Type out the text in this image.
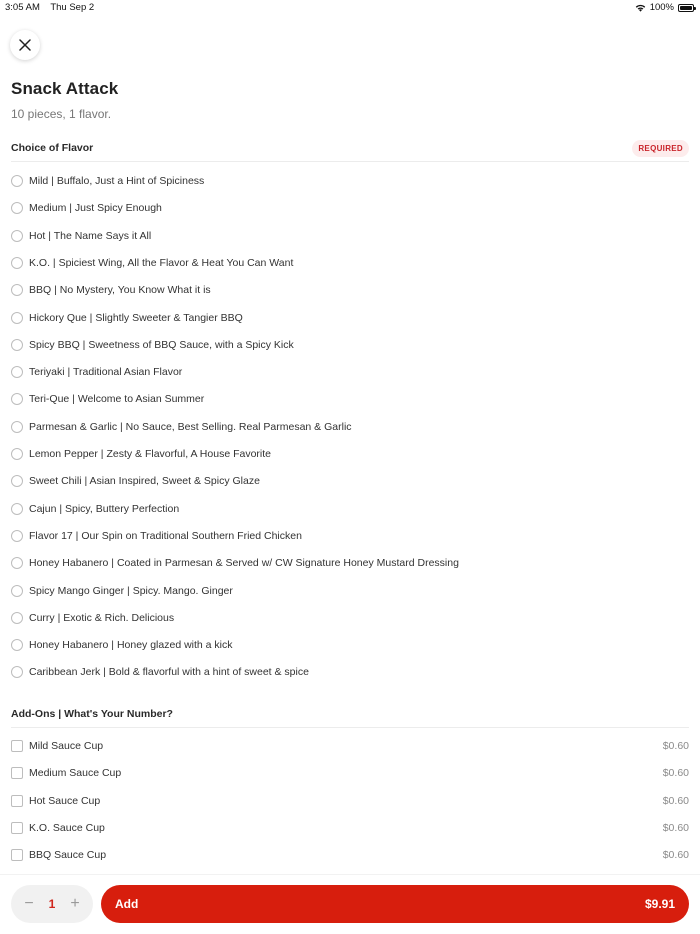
3:05 AM Thu Sep 2	100%
Snack Attack
10 pieces, 1 flavor.
Choice of Flavor	REQUIRED
Mild | Buffalo, Just a Hint of Spiciness
Medium | Just Spicy Enough
Hot | The Name Says it All
K.O. | Spiciest Wing, All the Flavor & Heat You Can Want
BBQ | No Mystery, You Know What it is
Hickory Que | Slightly Sweeter & Tangier BBQ
Spicy BBQ | Sweetness of BBQ Sauce, with a Spicy Kick
Teriyaki | Traditional Asian Flavor
Teri-Que | Welcome to Asian Summer
Parmesan & Garlic | No Sauce, Best Selling. Real Parmesan & Garlic
Lemon Pepper | Zesty & Flavorful, A House Favorite
Sweet Chili | Asian Inspired, Sweet & Spicy Glaze
Cajun | Spicy, Buttery Perfection
Flavor 17 | Our Spin on Traditional Southern Fried Chicken
Honey Habanero | Coated in Parmesan & Served w/ CW Signature Honey Mustard Dressing
Spicy Mango Ginger | Spicy. Mango. Ginger
Curry | Exotic & Rich. Delicious
Honey Habanero | Honey glazed with a kick
Caribbean Jerk | Bold & flavorful with a hint of sweet & spice
Add-Ons | What's Your Number?
Mild Sauce Cup	$0.60
Medium Sauce Cup	$0.60
Hot Sauce Cup	$0.60
K.O. Sauce Cup	$0.60
BBQ Sauce Cup	$0.60
− 1 +	Add	$9.91
